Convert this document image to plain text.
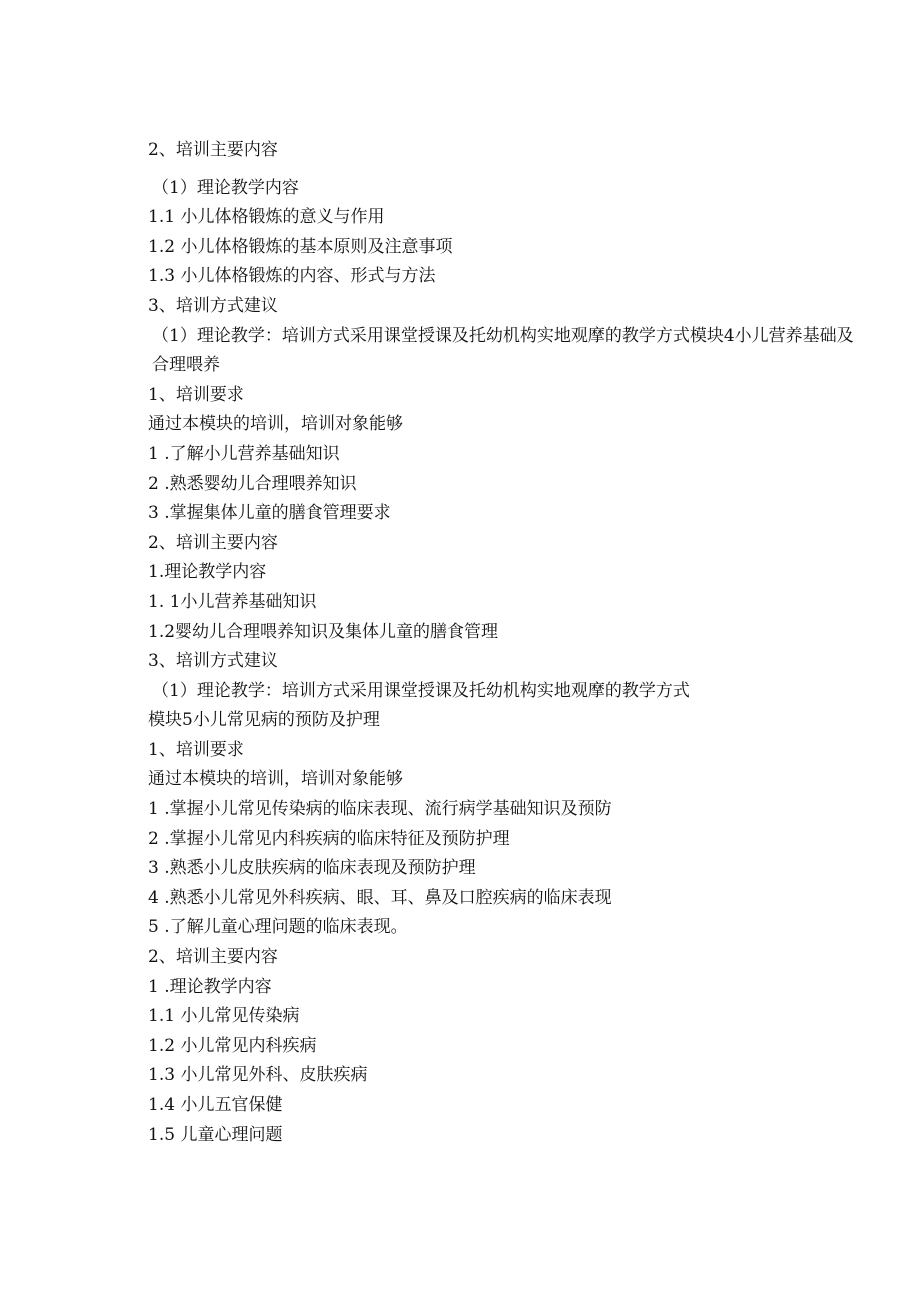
2、培训主要内容
（1）理论教学内容
1.1 小儿体格锻炼的意义与作用
1.2 小儿体格锻炼的基本原则及注意事项
1.3 小儿体格锻炼的内容、形式与方法
3、培训方式建议
（1）理论教学：培训方式采用课堂授课及托幼机构实地观摩的教学方式模块4小儿营养基础及合理喂养
1、培训要求
通过本模块的培训，培训对象能够
1 .了解小儿营养基础知识
2 .熟悉婴幼儿合理喂养知识
3 .掌握集体儿童的膳食管理要求
2、培训主要内容
1.理论教学内容
1. 1小儿营养基础知识
1.2婴幼儿合理喂养知识及集体儿童的膳食管理
3、培训方式建议
（1）理论教学：培训方式采用课堂授课及托幼机构实地观摩的教学方式
模块5小儿常见病的预防及护理
1、培训要求
通过本模块的培训，培训对象能够
1 .掌握小儿常见传染病的临床表现、流行病学基础知识及预防
2 .掌握小儿常见内科疾病的临床特征及预防护理
3 .熟悉小儿皮肤疾病的临床表现及预防护理
4 .熟悉小儿常见外科疾病、眼、耳、鼻及口腔疾病的临床表现
5 .了解儿童心理问题的临床表现。
2、培训主要内容
1 .理论教学内容
1.1 小儿常见传染病
1.2 小儿常见内科疾病
1.3 小儿常见外科、皮肤疾病
1.4 小儿五官保健
1.5 儿童心理问题
